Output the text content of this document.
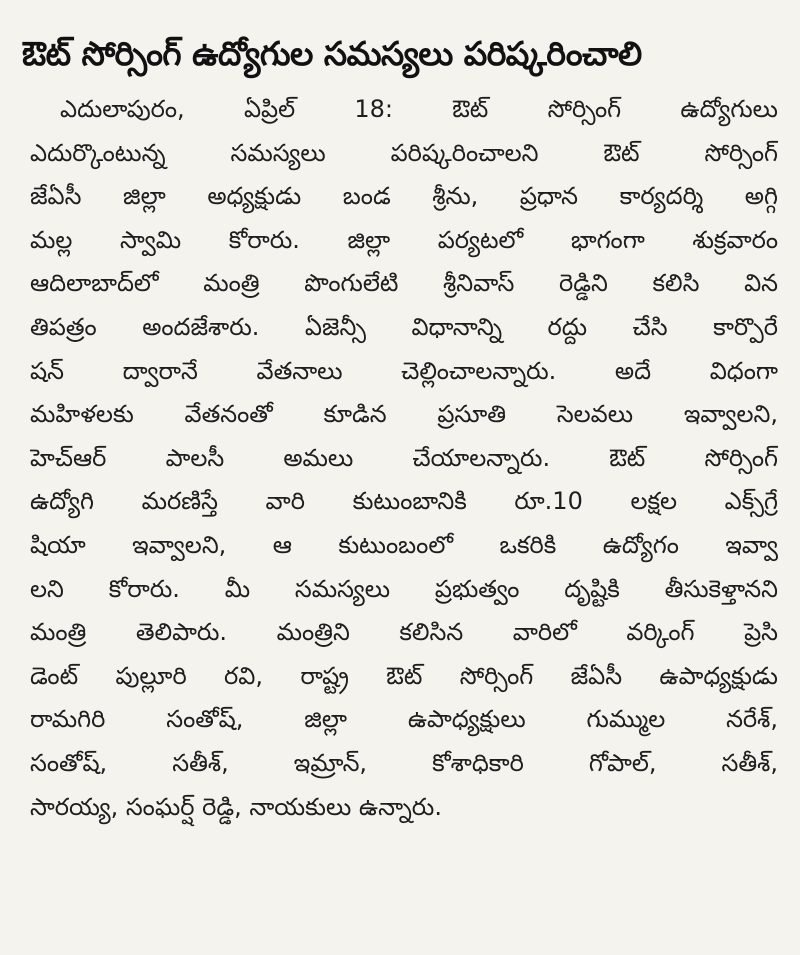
ఔట్ సోర్సింగ్ ఉద్యోగుల సమస్యలు పరిష్కరించాలి
ఎదులాపురం, ఏప్రిల్ 18: ఔట్ సోర్సింగ్ ఉద్యోగులు
ఎదుర్కొంటున్న సమస్యలు పరిష్కరించాలని ఔట్ సోర్సింగ్
జేఏసీ జిల్లా అధ్యక్షుడు బండ శ్రీను, ప్రధాన కార్యదర్శి అగ్గి
మల్ల స్వామి కోరారు. జిల్లా పర్యటలో భాగంగా శుక్రవారం
ఆదిలాబాద్‌లో మంత్రి పొంగులేటి శ్రీనివాస్ రెడ్డిని కలిసి విన
తిపత్రం అందజేశారు. ఏజెన్సీ విధానాన్ని రద్దు చేసి కార్పొరే
షన్ ద్వారానే వేతనాలు చెల్లించాలన్నారు. అదే విధంగా
మహిళలకు వేతనంతో కూడిన ప్రసూతి సెలవలు ఇవ్వాలని,
హెచ్ఆర్ పాలసీ అమలు చేయాలన్నారు. ఔట్ సోర్సింగ్
ఉద్యోగి మరణిస్తే వారి కుటుంబానికి రూ.10 లక్షల ఎక్స్‌గ్రే
షియా ఇవ్వాలని, ఆ కుటుంబంలో ఒకరికి ఉద్యోగం ఇవ్వా
లని కోరారు. మీ సమస్యలు ప్రభుత్వం దృష్టికి తీసుకెళ్తానని
మంత్రి తెలిపారు. మంత్రిని కలిసిన వారిలో వర్కింగ్ ప్రెసి
డెంట్ పుల్లూరి రవి, రాష్ట్ర ఔట్ సోర్సింగ్ జేఏసీ ఉపాధ్యక్షుడు
రామగిరి సంతోష్, జిల్లా ఉపాధ్యక్షులు గుమ్ముల నరేశ్,
సంతోష్, సతీశ్, ఇమ్రాన్, కోశాధికారి గోపాల్, సతీశ్,
సారయ్య, సంఘర్ష్ రెడ్డి, నాయకులు ఉన్నారు.
